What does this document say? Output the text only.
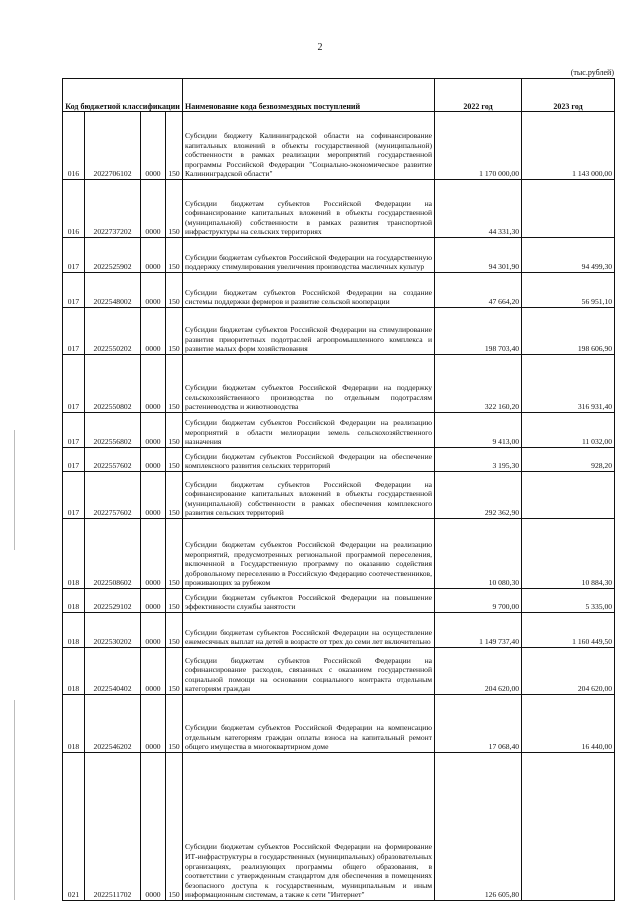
2
(тыс.рублей)
Код бюджетной классификации				Наименование кода безвозмездных поступлений	2022 год	2023 год
016	2022706102	0000	150	Субсидии бюджету Калининградской области на софинансирование капитальных вложений в объекты государственной (муниципальной) собственности в рамках реализации мероприятий государственной программы Российской Федерации "Социально-экономическое развитие Калининградской области"	1 170 000,00	1 143 000,00
016	2022737202	0000	150	Субсидии бюджетам субъектов Российской Федерации на софинансирование капитальных вложений в объекты государственной (муниципальной) собственности в рамках развития транспортной инфраструктуры на сельских территориях	44 331,30	
017	2022525902	0000	150	Субсидии бюджетам субъектов Российской Федерации на государственную поддержку стимулирования увеличения производства масличных культур	94 301,90	94 499,30
017	2022548002	0000	150	Субсидии бюджетам субъектов Российской Федерации на создание системы поддержки фермеров и развитие сельской кооперации	47 664,20	56 951,10
017	2022550202	0000	150	Субсидии бюджетам субъектов Российской Федерации на стимулирование развития приоритетных подотраслей агропромышленного комплекса и развитие малых форм хозяйствования	198 703,40	198 606,90
017	2022550802	0000	150	Субсидии бюджетам субъектов Российской Федерации на поддержку сельскохозяйственного производства по отдельным подотраслям растениеводства и животноводства	322 160,20	316 931,40
017	2022556802	0000	150	Субсидии бюджетам субъектов Российской Федерации на реализацию мероприятий в области мелиорации земель сельскохозяйственного назначения	9 413,00	11 032,00
017	2022557602	0000	150	Субсидии бюджетам субъектов Российской Федерации на обеспечение комплексного развития сельских территорий	3 195,30	928,20
017	2022757602	0000	150	Субсидии бюджетам субъектов Российской Федерации на софинансирование капитальных вложений в объекты государственной (муниципальной) собственности в рамках обеспечения комплексного развития сельских территорий	292 362,90	
018	2022508602	0000	150	Субсидии бюджетам субъектов Российской Федерации на реализацию мероприятий, предусмотренных региональной программой переселения, включенной в Государственную программу по оказанию содействия добровольному переселению в Российскую Федерацию соотечественников, проживающих за рубежом	10 080,30	10 884,30
018	2022529102	0000	150	Субсидии бюджетам субъектов Российской Федерации на повышение эффективности службы занятости	9 700,00	5 335,00
018	2022530202	0000	150	Субсидии бюджетам субъектов Российской Федерации на осуществление ежемесячных выплат на детей в возрасте от трех до семи лет включительно	1 149 737,40	1 160 449,50
018	2022540402	0000	150	Субсидии бюджетам субъектов Российской Федерации на софинансирование расходов, связанных с оказанием государственной социальной помощи на основании социального контракта отдельным категориям граждан	204 620,00	204 620,00
018	2022546202	0000	150	Субсидии бюджетам субъектов Российской Федерации на компенсацию отдельным категориям граждан оплаты взноса на капитальный ремонт общего имущества в многоквартирном доме	17 068,40	16 440,00
021	2022511702	0000	150	Субсидии бюджетам субъектов Российской Федерации на формирование ИТ-инфраструктуры в государственных (муниципальных) образовательных организациях, реализующих программы общего образования, в соответствии с утвержденным стандартом для обеспечения в помещениях безопасного доступа к государственным, муниципальным и иным информационным системам, а также к сети "Интернет"	126 605,80	
